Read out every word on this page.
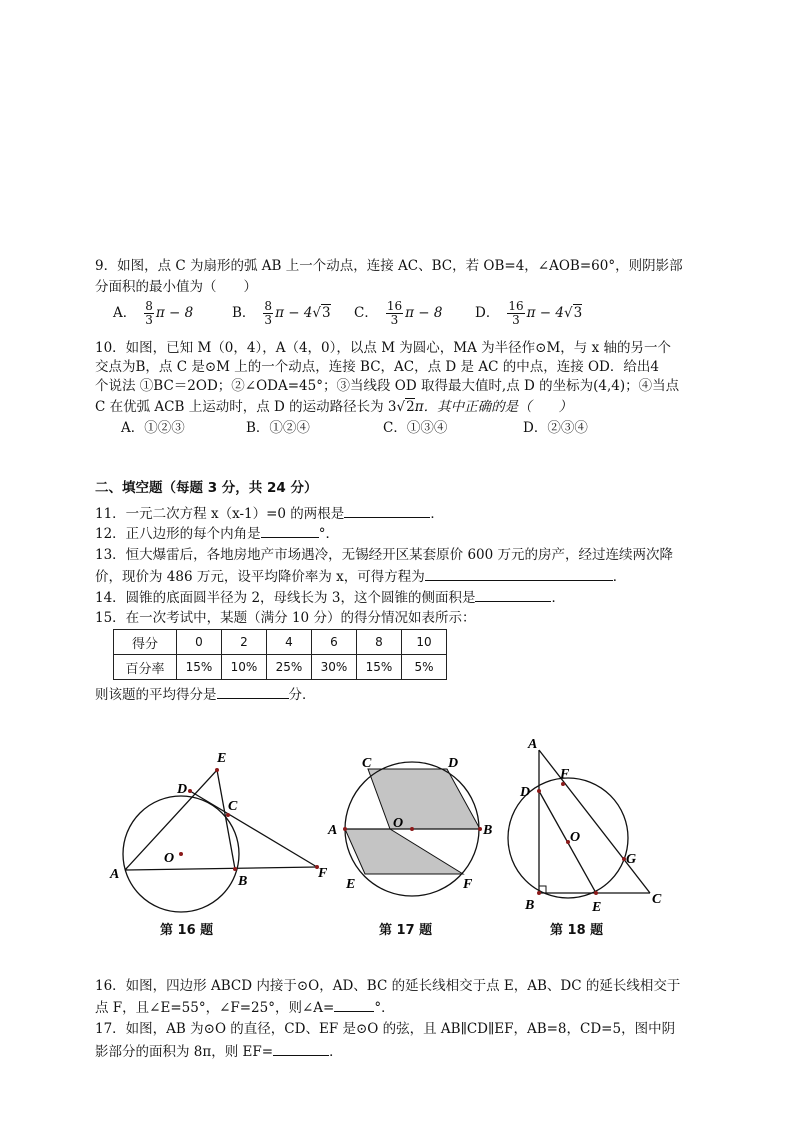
9．如图，点 C 为扇形的弧 AB 上一个动点，连接 AC、BC，若 OB=4，∠AOB=60°，则阴影部
分面积的最小值为（　　）
A． $\frac{8}{3}$ π − 8	B． $\frac{8}{3}$ π − 4√3 C． $\frac{16}{3}$ π − 8 D． $\frac{16}{3}$ π − 4√3
10．如图，已知 M（0，4），A（4，0），以点 M 为圆心，MA 为半径作⊙M，与 x 轴的另一个
交点为B，点 C 是⊙M 上的一个动点，连接 BC，AC，点 D 是 AC 的中点，连接 OD．给出4
个说法 ①BC＝2OD；②∠ODA=45°；③当线段 OD 取得最大值时,点 D 的坐标为(4,4)；④当点
C 在优弧 ACB 上运动时，点 D 的运动路径长为 3√2π．其中正确的是（　　）
A．①②③	B．①②④	C．①③④	D．②③④
二、填空题（每题 3 分，共 24 分）
11．一元二次方程 x（x-1）=0 的两根是	．
12．正八边形的每个内角是	°．
13．恒大爆雷后，各地房地产市场遇冷，无锡经开区某套原价 600 万元的房产，经过连续两次降
价，现价为 486 万元，设平均降价率为 x，可得方程为	．
14．圆锥的底面圆半径为 2，母线长为 3，这个圆锥的侧面积是	．
15．在一次考试中，某题（满分 10 分）的得分情况如表所示：
得分	0	2	4	6	8	10
百分率	15%	10%	25%	30%	15%	5%
则该题的平均得分是	分．
E
D
C
O
A	B
F
第 16 题
C	D
A	O	B
E	F
第 17 题
A
F
D
O
G
B	E
C
第 18 题
16．如图，四边形 ABCD 内接于⊙O，AD、BC 的延长线相交于点 E，AB、DC 的延长线相交于
点 F，且∠E=55°，∠F=25°，则∠A=	°．
17．如图，AB 为⊙O 的直径，CD、EF 是⊙O 的弦，且 AB∥CD∥EF，AB=8，CD=5，图中阴
影部分的面积为 8π，则 EF=	．
